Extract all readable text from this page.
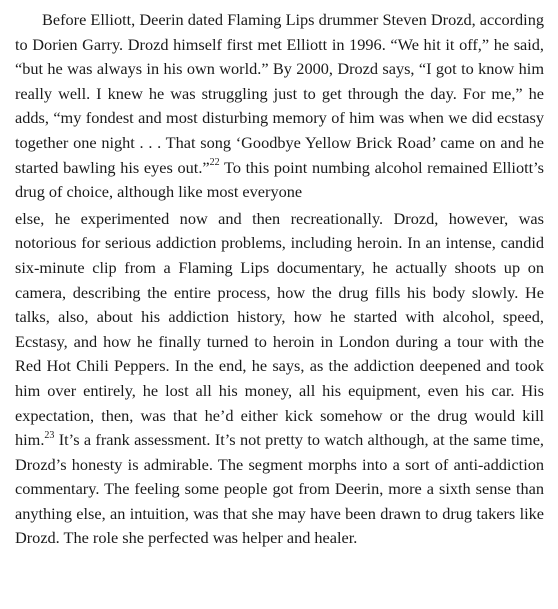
Before Elliott, Deerin dated Flaming Lips drummer Steven Drozd, according to Dorien Garry. Drozd himself first met Elliott in 1996. “We hit it off,” he said, “but he was always in his own world.” By 2000, Drozd says, “I got to know him really well. I knew he was struggling just to get through the day. For me,” he adds, “my fondest and most disturbing memory of him was when we did ecstasy together one night . . . That song ‘Goodbye Yellow Brick Road’ came on and he started bawling his eyes out.”$^{22}$ To this point numbing alcohol remained Elliott’s drug of choice, although like most everyone

else, he experimented now and then recreationally. Drozd, however, was notorious for serious addiction problems, including heroin. In an intense, candid six-minute clip from a Flaming Lips documentary, he actually shoots up on camera, describing the entire process, how the drug fills his body slowly. He talks, also, about his addiction history, how he started with alcohol, speed, Ecstasy, and how he finally turned to heroin in London during a tour with the Red Hot Chili Peppers. In the end, he says, as the addiction deepened and took him over entirely, he lost all his money, all his equipment, even his car. His expectation, then, was that he’d either kick somehow or the drug would kill him.$^{23}$ It’s a frank assessment. It’s not pretty to watch although, at the same time, Drozd’s honesty is admirable. The segment morphs into a sort of anti-addiction commentary. The feeling some people got from Deerin, more a sixth sense than anything else, an intuition, was that she may have been drawn to drug takers like Drozd. The role she perfected was helper and healer.
